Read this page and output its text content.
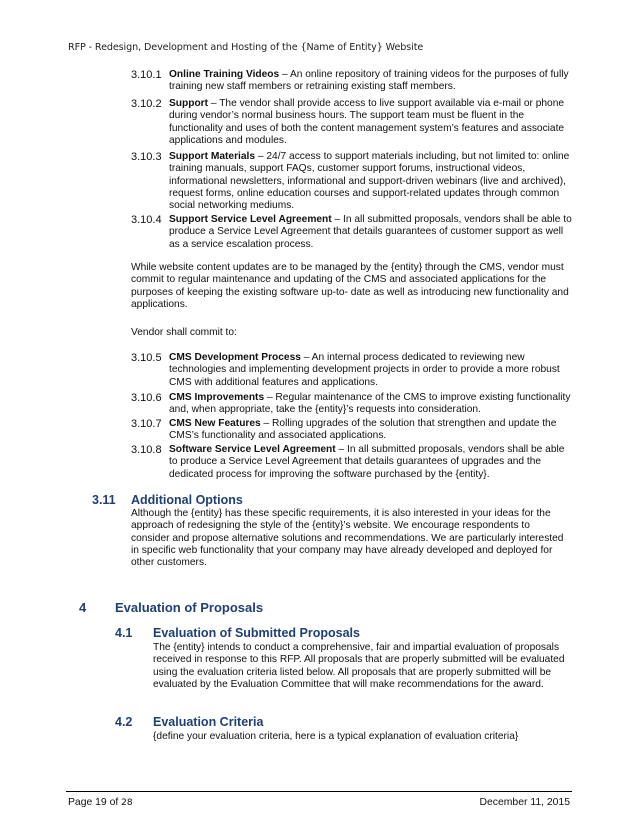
RFP - Redesign, Development and Hosting of the {Name of Entity} Website
3.10.1 Online Training Videos – An online repository of training videos for the purposes of fully training new staff members or retraining existing staff members.
3.10.2 Support – The vendor shall provide access to live support available via e-mail or phone during vendor’s normal business hours. The support team must be fluent in the functionality and uses of both the content management system’s features and associate applications and modules.
3.10.3 Support Materials – 24/7 access to support materials including, but not limited to: online training manuals, support FAQs, customer support forums, instructional videos, informational newsletters, informational and support-driven webinars (live and archived), request forms, online education courses and support-related updates through common social networking mediums.
3.10.4 Support Service Level Agreement – In all submitted proposals, vendors shall be able to produce a Service Level Agreement that details guarantees of customer support as well as a service escalation process.
While website content updates are to be managed by the {entity} through the CMS, vendor must commit to regular maintenance and updating of the CMS and associated applications for the purposes of keeping the existing software up-to- date as well as introducing new functionality and applications.
Vendor shall commit to:
3.10.5 CMS Development Process – An internal process dedicated to reviewing new technologies and implementing development projects in order to provide a more robust CMS with additional features and applications.
3.10.6 CMS Improvements – Regular maintenance of the CMS to improve existing functionality and, when appropriate, take the {entity}’s requests into consideration.
3.10.7 CMS New Features – Rolling upgrades of the solution that strengthen and update the CMS’s functionality and associated applications.
3.10.8 Software Service Level Agreement – In all submitted proposals, vendors shall be able to produce a Service Level Agreement that details guarantees of upgrades and the dedicated process for improving the software purchased by the {entity}.
3.11 Additional Options
Although the {entity} has these specific requirements, it is also interested in your ideas for the approach of redesigning the style of the {entity}’s website. We encourage respondents to consider and propose alternative solutions and recommendations. We are particularly interested in specific web functionality that your company may have already developed and deployed for other customers.
4 Evaluation of Proposals
4.1 Evaluation of Submitted Proposals
The {entity} intends to conduct a comprehensive, fair and impartial evaluation of proposals received in response to this RFP. All proposals that are properly submitted will be evaluated using the evaluation criteria listed below. All proposals that are properly submitted will be evaluated by the Evaluation Committee that will make recommendations for the award.
4.2 Evaluation Criteria
{define your evaluation criteria, here is a typical explanation of evaluation criteria}
Page 19 of 28	December 11, 2015
